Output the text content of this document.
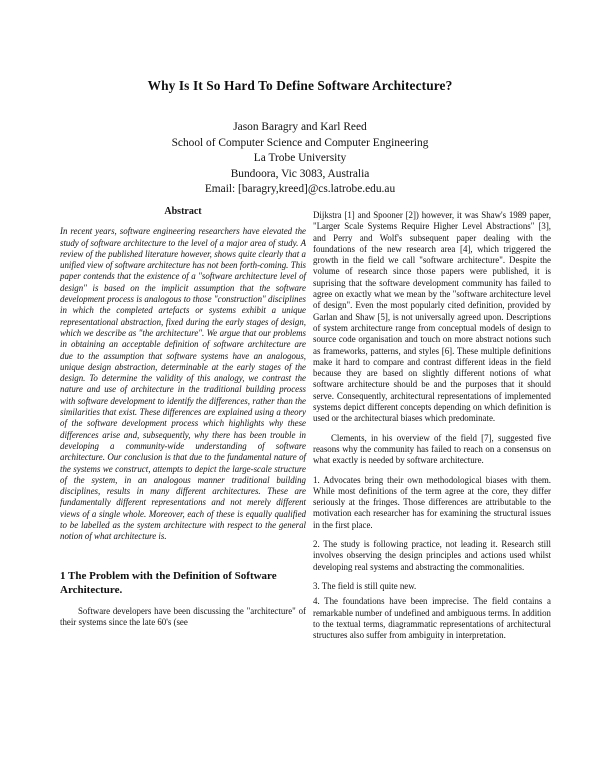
Why Is It So Hard To Define Software Architecture?
Jason Baragry and Karl Reed
School of Computer Science and Computer Engineering
La Trobe University
Bundoora, Vic 3083, Australia
Email: [baragry,kreed]@cs.latrobe.edu.au
Abstract

In recent years, software engineering researchers have elevated the study of software architecture to the level of a major area of study. A review of the published literature however, shows quite clearly that a unified view of software architecture has not been forth-coming. This paper contends that the existence of a "software architecture level of design" is based on the implicit assumption that the software development process is analogous to those "construction" disciplines in which the completed artefacts or systems exhibit a unique representational abstraction, fixed during the early stages of design, which we describe as "the architecture". We argue that our problems in obtaining an acceptable definition of software architecture are due to the assumption that software systems have an analogous, unique design abstraction, determinable at the early stages of the design. To determine the validity of this analogy, we contrast the nature and use of architecture in the traditional building process with software development to identify the differences, rather than the similarities that exist. These differences are explained using a theory of the software development process which highlights why these differences arise and, subsequently, why there has been trouble in developing a community-wide understanding of software architecture. Our conclusion is that due to the fundamental nature of the systems we construct, attempts to depict the large-scale structure of the system, in an analogous manner traditional building disciplines, results in many different architectures. These are fundamentally different representations and not merely different views of a single whole. Moreover, each of these is equally qualified to be labelled as the system architecture with respect to the general notion of what architecture is.

1 The Problem with the Definition of Software Architecture.

Software developers have been discussing the "architecture" of their systems since the late 60's (see

Dijkstra [1] and Spooner [2]) however, it was Shaw's 1989 paper, "Larger Scale Systems Require Higher Level Abstractions" [3], and Perry and Wolf's subsequent paper dealing with the foundations of the new research area [4], which triggered the growth in the field we call "software architecture". Despite the volume of research since those papers were published, it is suprising that the software development community has failed to agree on exactly what we mean by the "software architecture level of design". Even the most popularly cited definition, provided by Garlan and Shaw [5], is not universally agreed upon. Descriptions of system architecture range from conceptual models of design to source code organisation and touch on more abstract notions such as frameworks, patterns, and styles [6]. These multiple definitions make it hard to compare and contrast different ideas in the field because they are based on slightly different notions of what software architecture should be and the purposes that it should serve. Consequently, architectural representations of implemented systems depict different concepts depending on which definition is used or the architectural biases which predominate.

Clements, in his overview of the field [7], suggested five reasons why the community has failed to reach on a consensus on what exactly is needed by software architecture.

1. Advocates bring their own methodological biases with them. While most definitions of the term agree at the core, they differ seriously at the fringes. Those differences are attributable to the motivation each researcher has for examining the structural issues in the first place.

2. The study is following practice, not leading it. Research still involves observing the design principles and actions used whilst developing real systems and abstracting the commonalities.

3. The field is still quite new.

4. The foundations have been imprecise. The field contains a remarkable number of undefined and ambiguous terms. In addition to the textual terms, diagrammatic representations of architectural structures also suffer from ambiguity in interpretation.
